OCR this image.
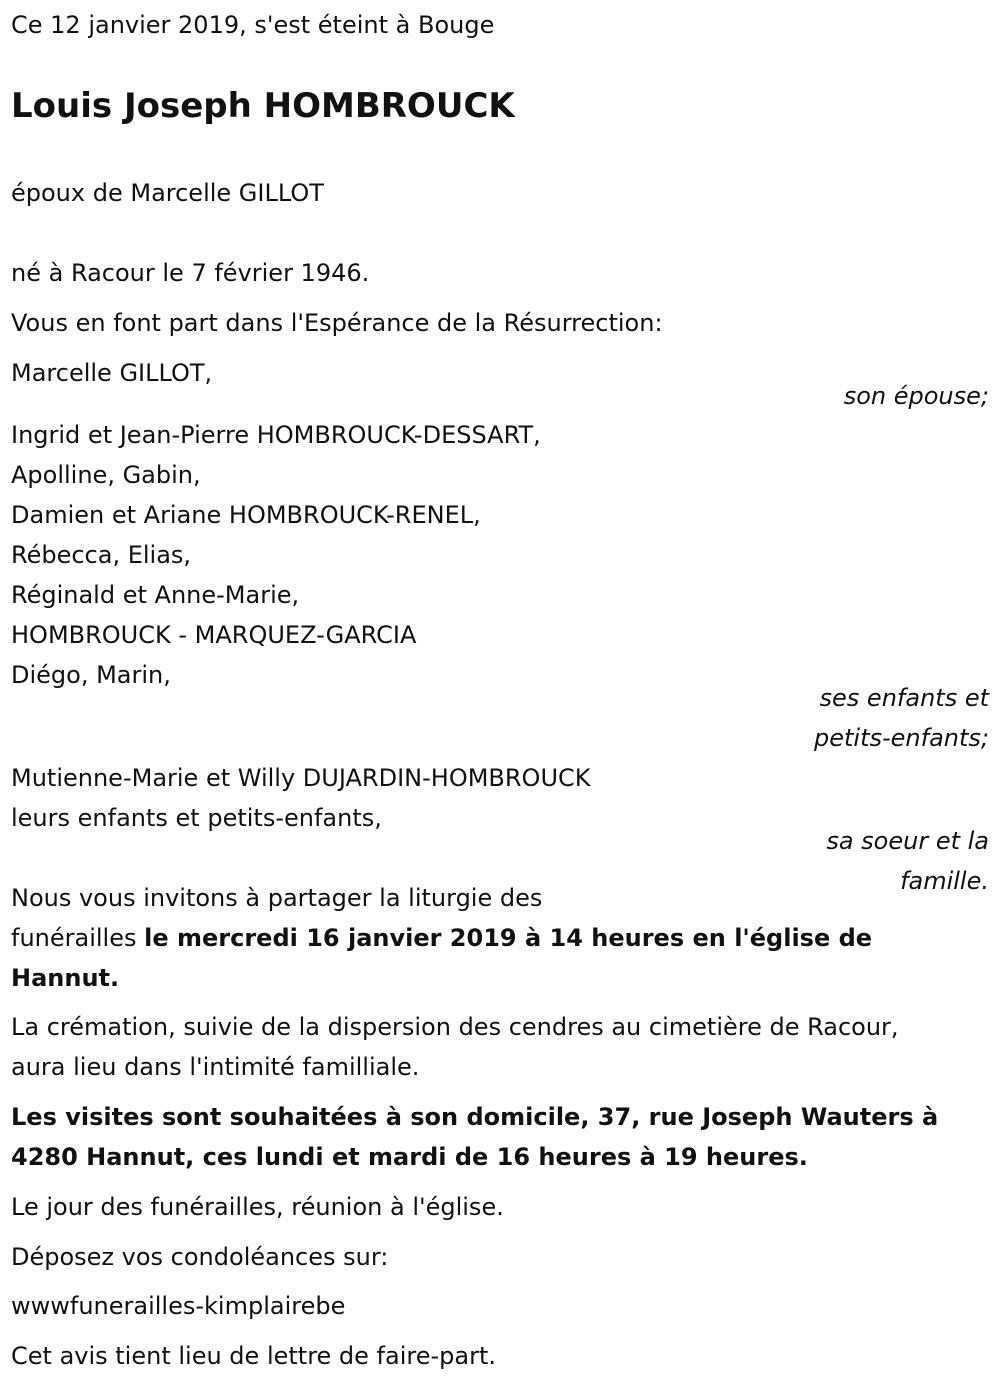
Ce 12 janvier 2019, s'est éteint à Bouge
Louis Joseph HOMBROUCK
époux de Marcelle GILLOT
né à Racour le 7 février 1946.
Vous en font part dans l'Espérance de la Résurrection:
Marcelle GILLOT,
son épouse;
Ingrid et Jean-Pierre HOMBROUCK-DESSART,
Apolline, Gabin,
Damien et Ariane HOMBROUCK-RENEL,
Rébecca, Elias,
Réginald et Anne-Marie,
HOMBROUCK - MARQUEZ-GARCIA
Diégo, Marin,
ses enfants et
petits-enfants;
Mutienne-Marie et Willy DUJARDIN-HOMBROUCK
leurs enfants et petits-enfants,
sa soeur et la
famille.
Nous vous invitons à partager la liturgie des
funérailles le mercredi 16 janvier 2019 à 14 heures en l'église de
Hannut.
La crémation, suivie de la dispersion des cendres au cimetière de Racour,
aura lieu dans l'intimité familliale.
Les visites sont souhaitées à son domicile, 37, rue Joseph Wauters à
4280 Hannut, ces lundi et mardi de 16 heures à 19 heures.
Le jour des funérailles, réunion à l'église.
Déposez vos condoléances sur:
wwwfunerailles-kimplairebe
Cet avis tient lieu de lettre de faire-part.
